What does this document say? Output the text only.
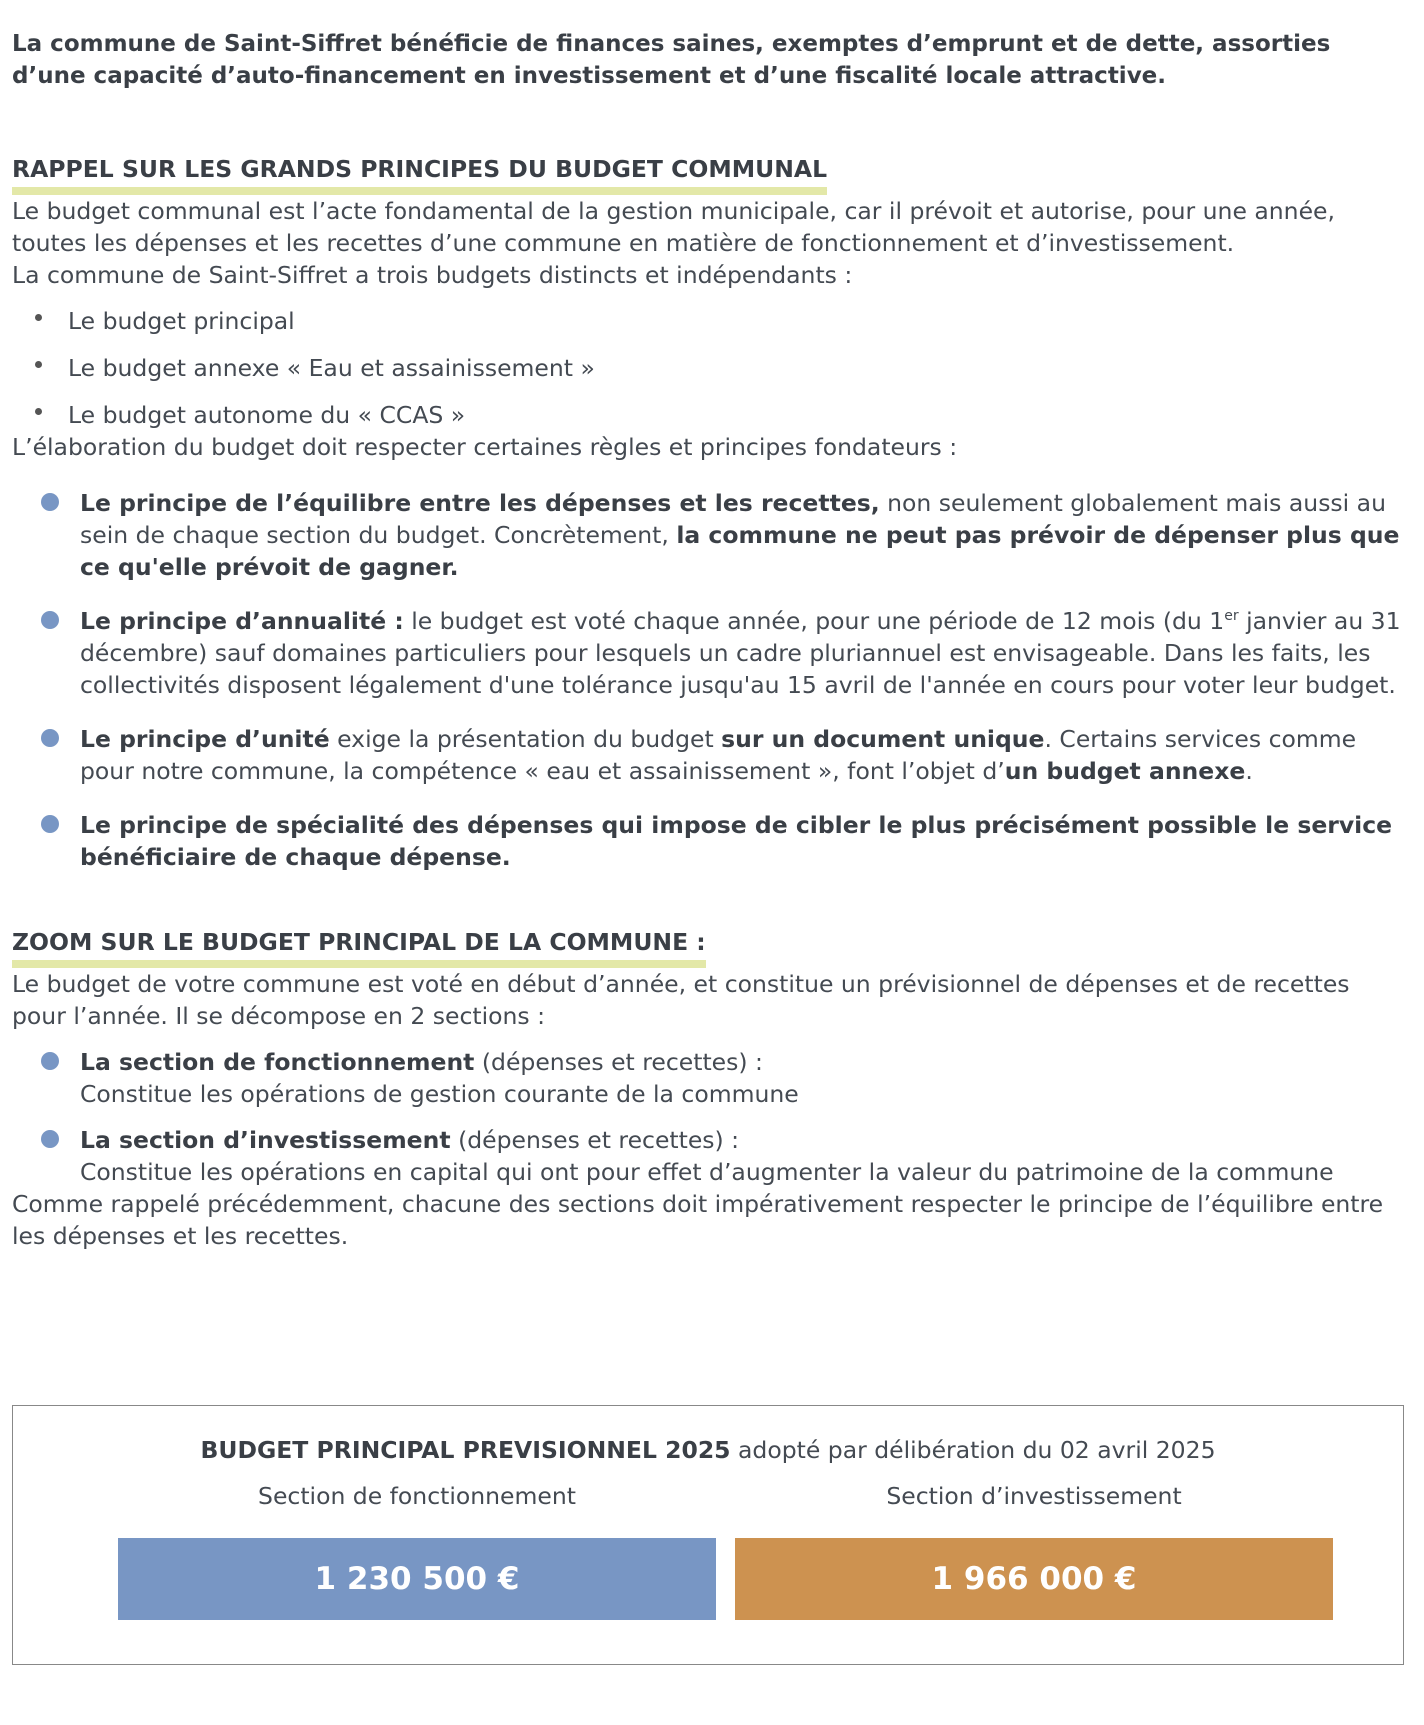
La commune de Saint-Siffret bénéficie de finances saines, exemptes d’emprunt et de dette, assorties d’une capacité d’auto-financement en investissement et d’une fiscalité locale attractive.

RAPPEL SUR LES GRANDS PRINCIPES DU BUDGET COMMUNAL

Le budget communal est l’acte fondamental de la gestion municipale, car il prévoit et autorise, pour une année, toutes les dépenses et les recettes d’une commune en matière de fonctionnement et d’investissement.

La commune de Saint-Siffret a trois budgets distincts et indépendants :

Le budget principal
Le budget annexe « Eau et assainissement »
Le budget autonome du « CCAS »

L’élaboration du budget doit respecter certaines règles et principes fondateurs :

Le principe de l’équilibre entre les dépenses et les recettes, non seulement globalement mais aussi au sein de chaque section du budget. Concrètement, la commune ne peut pas prévoir de dépenser plus que ce qu'elle prévoit de gagner.
Le principe d’annualité : le budget est voté chaque année, pour une période de 12 mois (du 1er janvier au 31 décembre) sauf domaines particuliers pour lesquels un cadre pluriannuel est envisageable. Dans les faits, les collectivités disposent légalement d'une tolérance jusqu'au 15 avril de l'année en cours pour voter leur budget.
Le principe d’unité exige la présentation du budget sur un document unique. Certains services comme pour notre commune, la compétence « eau et assainissement », font l’objet d’un budget annexe.
Le principe de spécialité des dépenses qui impose de cibler le plus précisément possible le service bénéficiaire de chaque dépense.
ZOOM SUR LE BUDGET PRINCIPAL DE LA COMMUNE :

Le budget de votre commune est voté en début d’année, et constitue un prévisionnel de dépenses et de recettes pour l’année. Il se décompose en 2 sections :

La section de fonctionnement (dépenses et recettes) :
Constitue les opérations de gestion courante de la commune
La section d’investissement (dépenses et recettes) :
Constitue les opérations en capital qui ont pour effet d’augmenter la valeur du patrimoine de la commune

Comme rappelé précédemment, chacune des sections doit impérativement respecter le principe de l’équilibre entre les dépenses et les recettes.

BUDGET PRINCIPAL PREVISIONNEL 2025 adopté par délibération du 02 avril 2025
Section de fonctionnement	Section d’investissement
1 230 500 €	1 966 000 €
